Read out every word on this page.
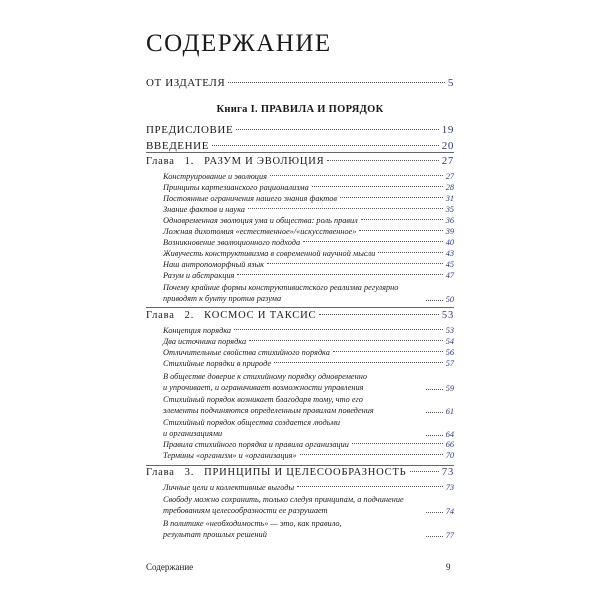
СОДЕРЖАНИЕ
ОТ ИЗДАТЕЛЯ	5
Книга I. ПРАВИЛА И ПОРЯДОК
ПРЕДИСЛОВИЕ	19
ВВЕДЕНИЕ	20
Глава 1. РАЗУМ И ЭВОЛЮЦИЯ	27
Конструирование и эволюция	27
Принципы картезианского рационализма	28
Постоянные ограничения нашего знания фактов	31
Знание фактов и наука	35
Одновременная эволюция ума и общества: роль правил	36
Ложная дихотомия «естественное»/«искусственное»	39
Возникновение эволюционного подхода	40
Живучесть конструктивизма в современной научной мысли	43
Наш антропоморфный язык	45
Разум и абстракция	47
Почему крайние формы конструктивистского реализма регулярно
приводят к бунту против разума	50
Глава 2. КОСМОС И ТАКСИС	53
Концепция порядка	53
Два источника порядка	54
Отличительные свойства стихийного порядка	56
Стихийные порядки в природе	57
В обществе доверие к стихийному порядку одновременно
и упрочивает, и ограничивает возможности управления	59
Стихийный порядок возникает благодаря тому, что его
элементы подчиняются определенным правилам поведения	61
Стихийный порядок общества создается людьми
и организациями	64
Правила стихийного порядка и правила организации	66
Термины «организм» и «организация»	70
Глава 3. ПРИНЦИПЫ И ЦЕЛЕСООБРАЗНОСТЬ	73
Личные цели и коллективные выгоды	73
Свободу можно сохранить, только следуя принципам, а подчинение
требованиям целесообразности ее разрушает	74
В политике «необходимость» — это, как правило,
результат прошлых решений	77
Содержание	9
